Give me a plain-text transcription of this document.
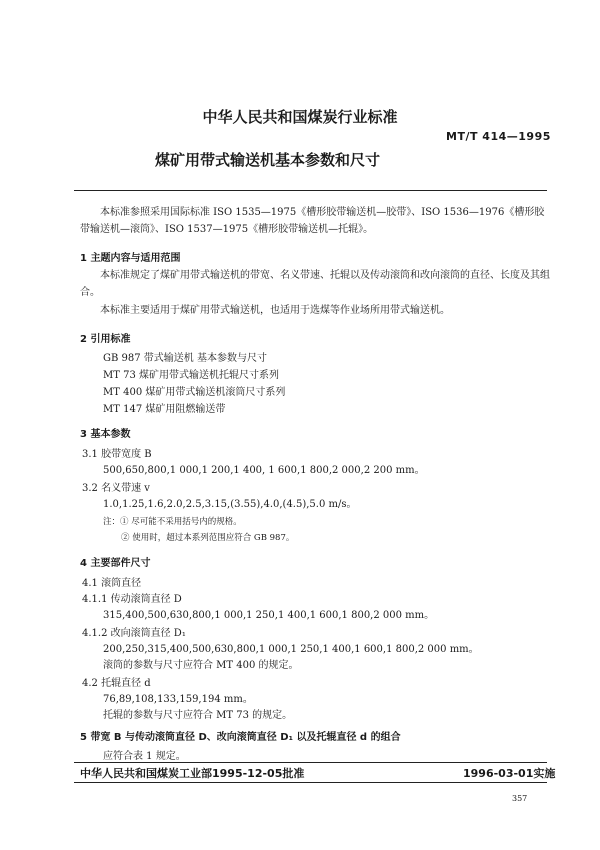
中华人民共和国煤炭行业标准
MT/T 414—1995
煤矿用带式输送机基本参数和尺寸
本标准参照采用国际标准 ISO 1535—1975《槽形胶带输送机—胶带》、ISO 1536—1976《槽形胶带输送机—滚筒》、ISO 1537—1975《槽形胶带输送机—托辊》。
1 主题内容与适用范围
本标准规定了煤矿用带式输送机的带宽、名义带速、托辊以及传动滚筒和改向滚筒的直径、长度及其组合。
本标准主要适用于煤矿用带式输送机，也适用于选煤等作业场所用带式输送机。
2 引用标准
GB 987 带式输送机 基本参数与尺寸
MT 73 煤矿用带式输送机托辊尺寸系列
MT 400 煤矿用带式输送机滚筒尺寸系列
MT 147 煤矿用阻燃输送带
3 基本参数
3.1 胶带宽度 B
500,650,800,1 000,1 200,1 400, 1 600,1 800,2 000,2 200 mm。
3.2 名义带速 v
1.0,1.25,1.6,2.0,2.5,3.15,(3.55),4.0,(4.5),5.0 m/s。
注：① 尽可能不采用括号内的规格。
② 使用时，超过本系列范围应符合 GB 987。
4 主要部件尺寸
4.1 滚筒直径
4.1.1 传动滚筒直径 D
315,400,500,630,800,1 000,1 250,1 400,1 600,1 800,2 000 mm。
4.1.2 改向滚筒直径 D₁
200,250,315,400,500,630,800,1 000,1 250,1 400,1 600,1 800,2 000 mm。
滚筒的参数与尺寸应符合 MT 400 的规定。
4.2 托辊直径 d
76,89,108,133,159,194 mm。
托辊的参数与尺寸应符合 MT 73 的规定。
5 带宽 B 与传动滚筒直径 D、改向滚筒直径 D₁ 以及托辊直径 d 的组合
应符合表 1 规定。
中华人民共和国煤炭工业部1995-12-05批准	1996-03-01实施
357
